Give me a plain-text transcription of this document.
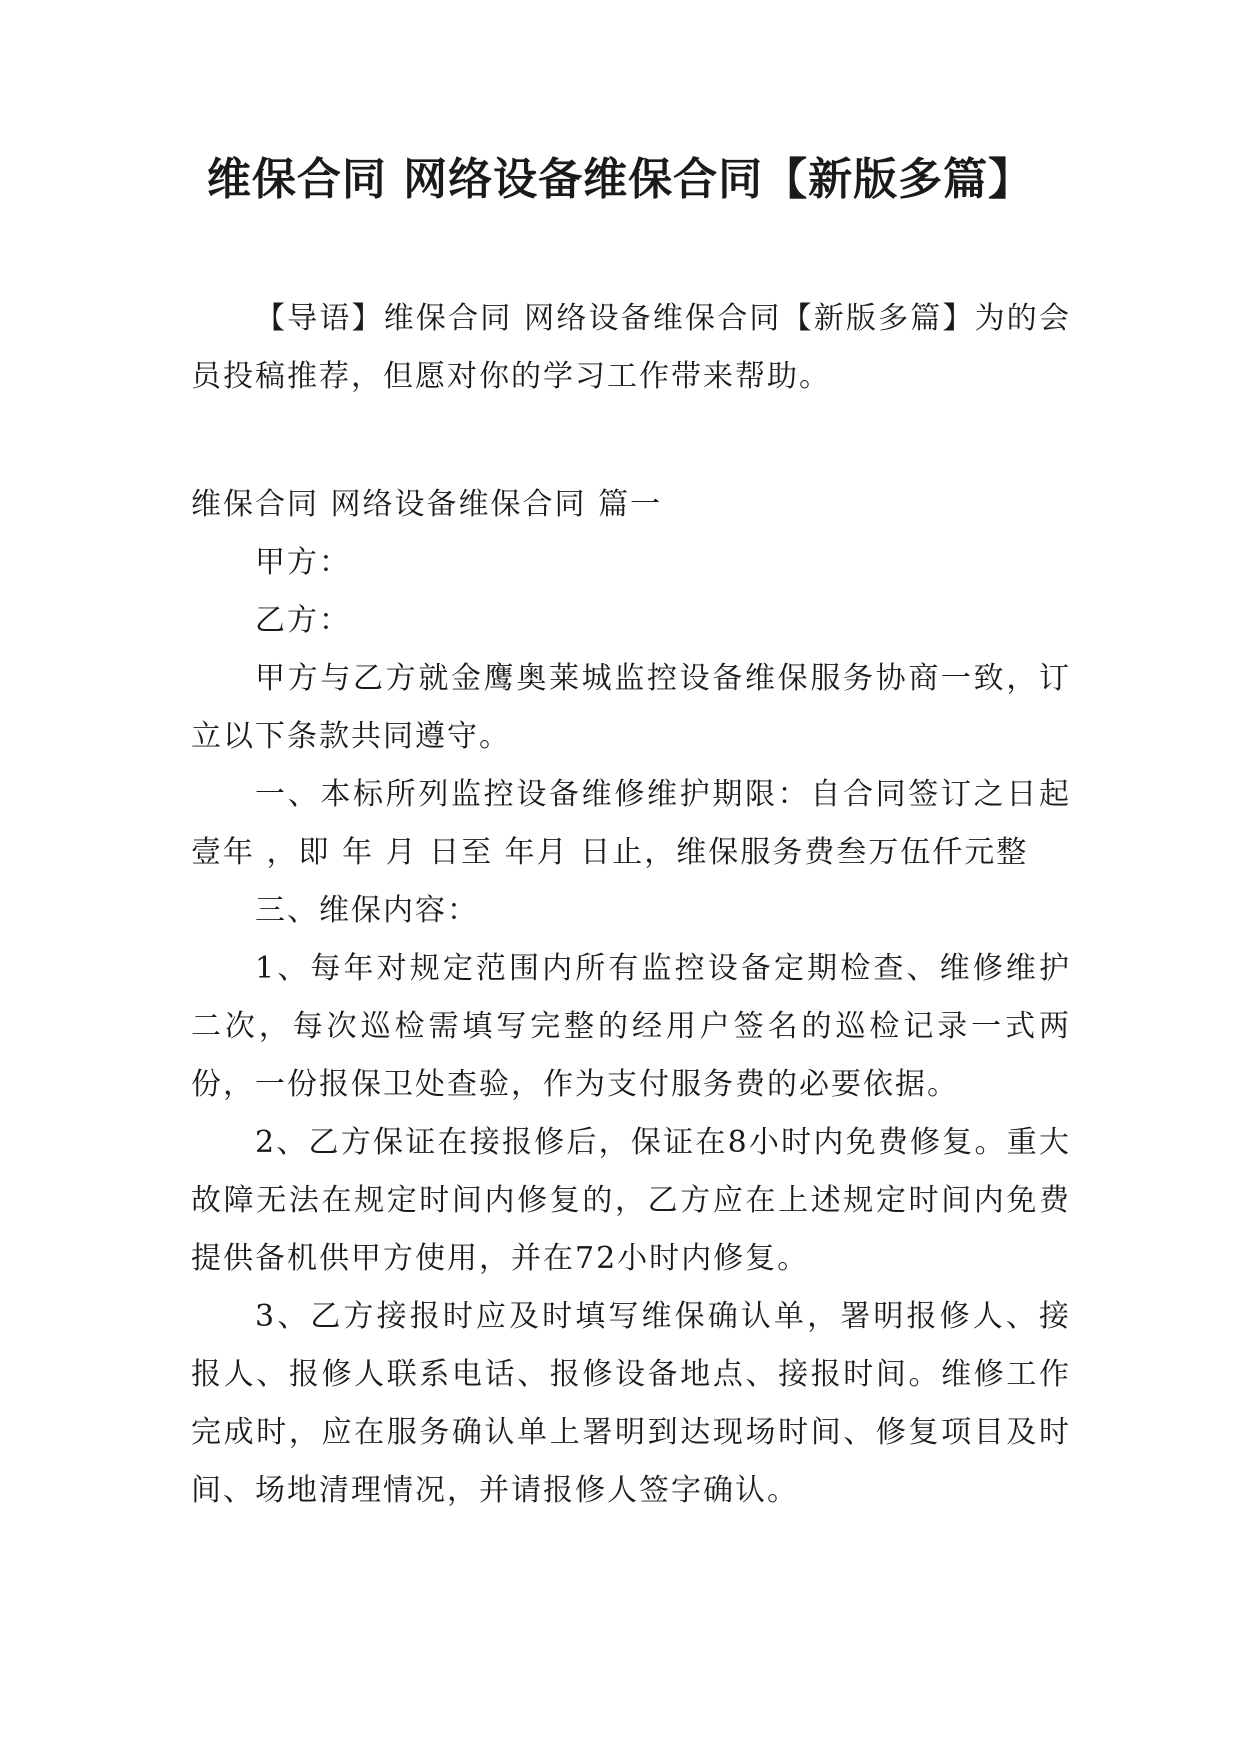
维保合同 网络设备维保合同【新版多篇】

【导语】维保合同 网络设备维保合同【新版多篇】为的会员投稿推荐，但愿对你的学习工作带来帮助。

维保合同 网络设备维保合同 篇一

甲方：

乙方：

甲方与乙方就金鹰奥莱城监控设备维保服务协商一致，订立以下条款共同遵守。

一、本标所列监控设备维修维护期限：自合同签订之日起壹年 ，即 年 月 日至 年月 日止，维保服务费叁万伍仟元整

三、维保内容：

1、每年对规定范围内所有监控设备定期检查、维修维护二次，每次巡检需填写完整的经用户签名的巡检记录一式两份，一份报保卫处查验，作为支付服务费的必要依据。

2、乙方保证在接报修后，保证在8小时内免费修复。重大故障无法在规定时间内修复的，乙方应在上述规定时间内免费提供备机供甲方使用，并在72小时内修复。

3、乙方接报时应及时填写维保确认单，署明报修人、接报人、报修人联系电话、报修设备地点、接报时间。维修工作完成时，应在服务确认单上署明到达现场时间、修复项目及时间、场地清理情况，并请报修人签字确认。
